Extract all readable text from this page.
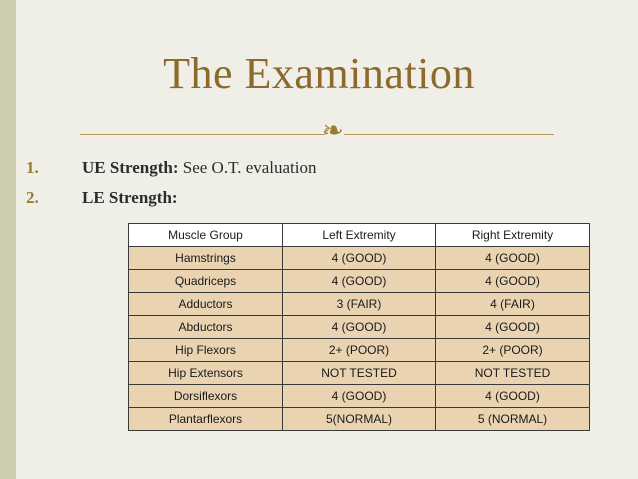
The Examination
❧
1.	UE Strength: See O.T. evaluation
2.	LE Strength:
Muscle Group	Left Extremity	Right Extremity
Hamstrings	4 (GOOD)	4 (GOOD)
Quadriceps	4 (GOOD)	4 (GOOD)
Adductors	3 (FAIR)	4 (FAIR)
Abductors	4 (GOOD)	4 (GOOD)
Hip Flexors	2+ (POOR)	2+ (POOR)
Hip Extensors	NOT TESTED	NOT TESTED
Dorsiflexors	4 (GOOD)	4 (GOOD)
Plantarflexors	5(NORMAL)	5 (NORMAL)
